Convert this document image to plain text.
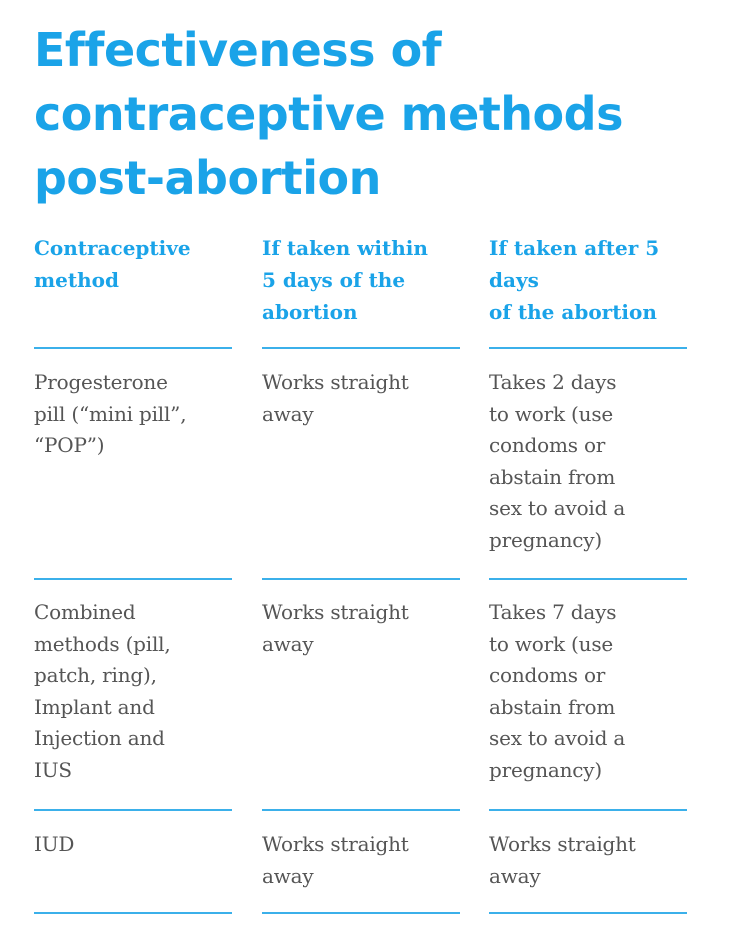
Effectiveness of
contraceptive methods
post-abortion
Contraceptive
method
If taken within
5 days of the
abortion
If taken after 5
days
of the abortion
Progesterone
pill (“mini pill”,
“POP”)
Works straight
away
Takes 2 days
to work (use
condoms or
abstain from
sex to avoid a
pregnancy)
Combined
methods (pill,
patch, ring),
Implant and
Injection and
IUS
Works straight
away
Takes 7 days
to work (use
condoms or
abstain from
sex to avoid a
pregnancy)
IUD	Works straight
away
Works straight
away
